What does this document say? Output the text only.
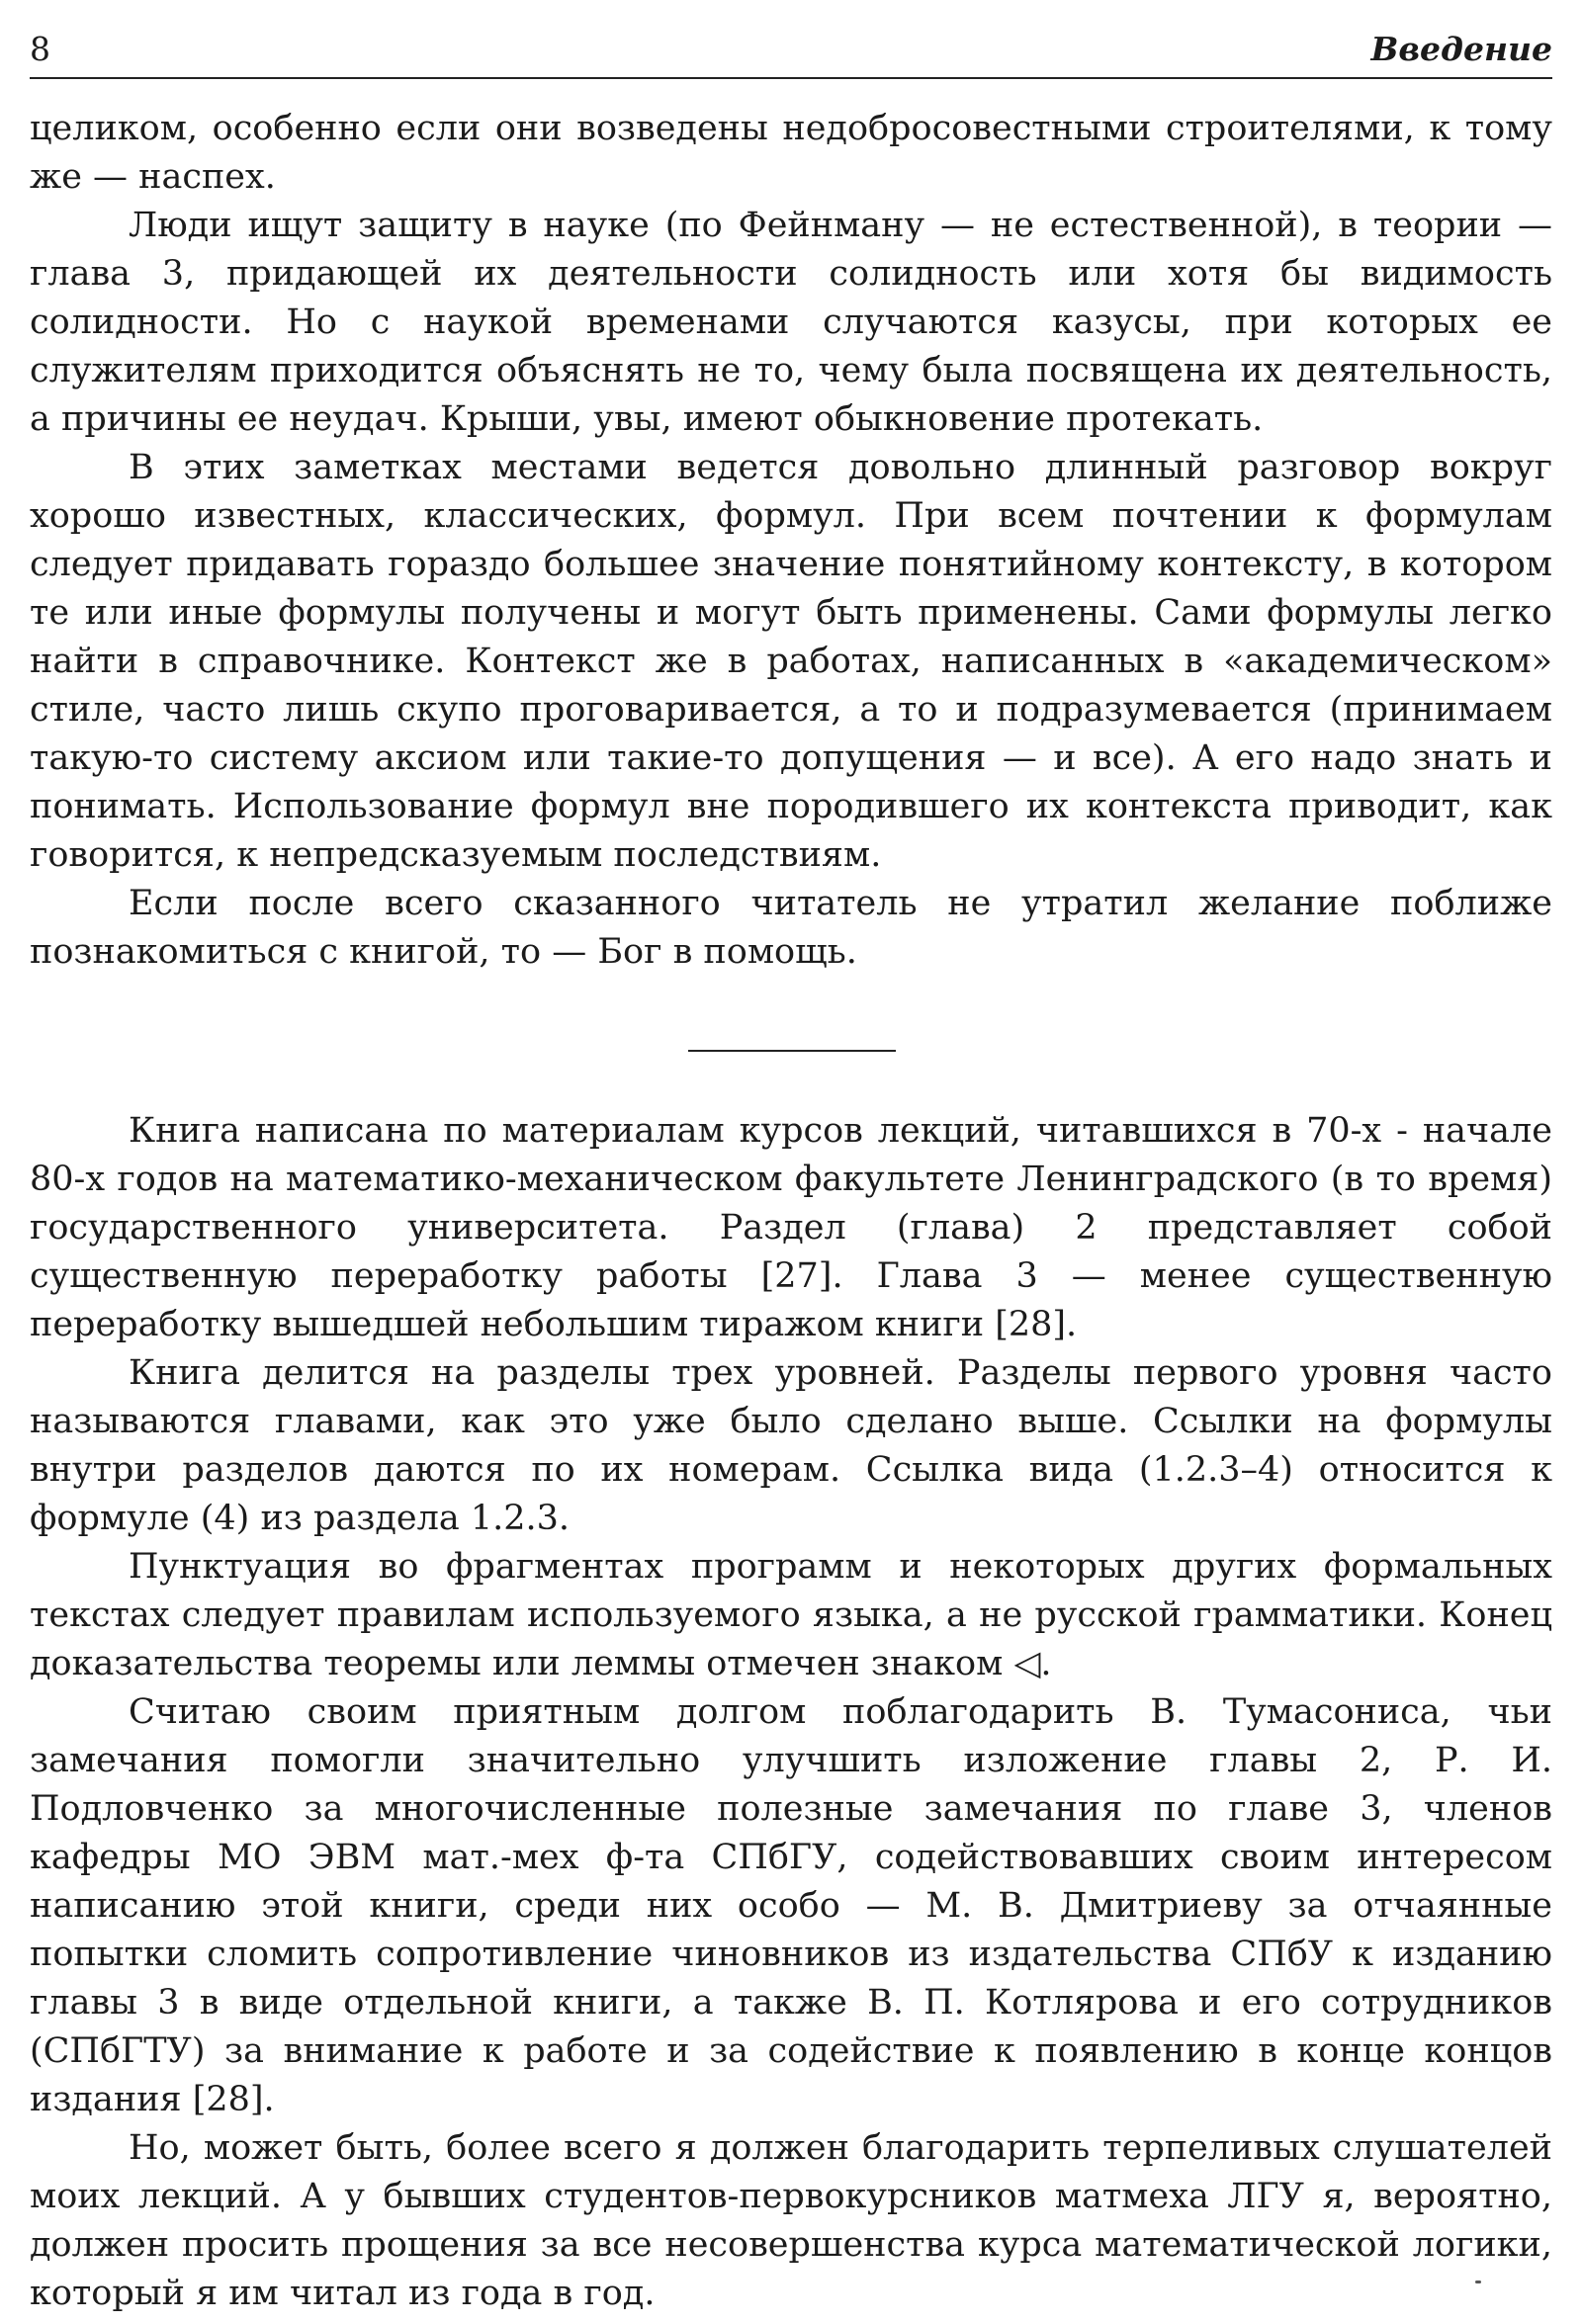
8	Введение

целиком, особенно если они возведены недобросовестными строителями, к тому же — наспех.

Люди ищут защиту в науке (по Фейнману — не естественной), в теории — глава 3, придающей их деятельности солидность или хотя бы видимость солидности. Но с наукой временами случаются казусы, при которых ее служителям приходится объяснять не то, чему была посвящена их деятельность, а причины ее неудач. Крыши, увы, имеют обыкновение протекать.

В этих заметках местами ведется довольно длинный разговор вокруг хорошо известных, классических, формул. При всем почтении к формулам следует придавать гораздо большее значение понятийному контексту, в котором те или иные формулы получены и могут быть применены. Сами формулы легко найти в справочнике. Контекст же в работах, написанных в «академическом» стиле, часто лишь скупо проговаривается, а то и подразумевается (принимаем такую-то систему аксиом или такие-то допущения — и все). А его надо знать и понимать. Использование формул вне породившего их контекста приводит, как говорится, к непредсказуемым последствиям.

Если после всего сказанного читатель не утратил желание поближе познакомиться с книгой, то — Бог в помощь.

Книга написана по материалам курсов лекций, читавшихся в 70-х - начале 80-х годов на математико-механическом факультете Ленинградского (в то время) государственного университета. Раздел (глава) 2 представляет собой существенную переработку работы [27]. Глава 3 — менее существенную переработку вышедшей небольшим тиражом книги [28].

Книга делится на разделы трех уровней. Разделы первого уровня часто называются главами, как это уже было сделано выше. Ссылки на формулы внутри разделов даются по их номерам. Ссылка вида (1.2.3–4) относится к формуле (4) из раздела 1.2.3.

Пунктуация во фрагментах программ и некоторых других формальных текстах следует правилам используемого языка, а не русской грамматики. Конец доказательства теоремы или леммы отмечен знаком ◁.

Считаю своим приятным долгом поблагодарить В. Тумасониса, чьи замечания помогли значительно улучшить изложение главы 2, Р. И. Подловченко за многочисленные полезные замечания по главе 3, членов кафедры МО ЭВМ мат.-мех ф-та СПбГУ, содействовавших своим интересом написанию этой книги, среди них особо — М. В. Дмитриеву за отчаянные попытки сломить сопротивление чиновников из издательства СПбУ к изданию главы 3 в виде отдельной книги, а также В. П. Котлярова и его сотрудников (СПбГТУ) за внимание к работе и за содействие к появлению в конце концов издания [28].

Но, может быть, более всего я должен благодарить терпеливых слушателей моих лекций. А у бывших студентов-первокурсников матмеха ЛГУ я, вероятно, должен просить прощения за все несовершенства курса математической логики, который я им читал из года в год.
